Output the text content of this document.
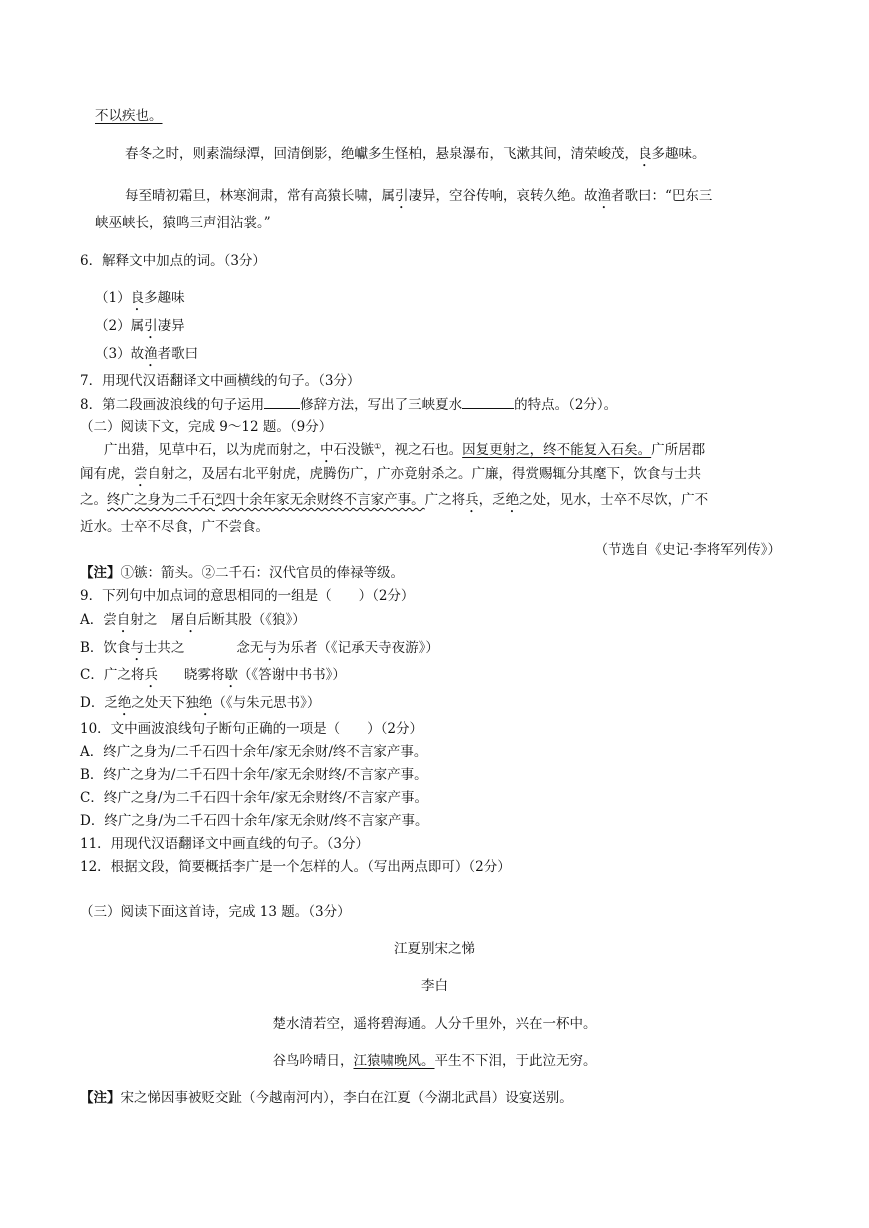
不以疾也。
春冬之时，则素湍绿潭，回清倒影，绝巘多生怪柏，悬泉瀑布，飞漱其间，清荣峻茂，良多趣味。
每至晴初霜旦，林寒涧肃，常有高猿长啸，属引凄异，空谷传响，哀转久绝。故渔者歌曰：“巴东三
峡巫峡长，猿鸣三声泪沾裳。”
6．解释文中加点的词。（3分）
（1）良多趣味
（2）属引凄异
（3）故渔者歌曰
7．用现代汉语翻译文中画横线的句子。（3分）
8．第二段画波浪线的句子运用	修辞方法，写出了三峡夏水	的特点。（2分）。
（二）阅读下文，完成 9～12 题。（9分）
广出猎，见草中石，以为虎而射之，中石没镞①，视之石也。因复更射之，终不能复入石矣。广所居郡
闻有虎，尝自射之，及居右北平射虎，虎腾伤广，广亦竟射杀之。广廉，得赏赐辄分其麾下，饮食与士共
之。终广之身为二千石②四十余年家无余财终不言家产事。广之将兵，乏绝之处，见水，士卒不尽饮，广不
近水。士卒不尽食，广不尝食。
（节选自《史记·李将军列传》）
【注】①镞：箭头。②二千石：汉代官员的俸禄等级。
9．下列句中加点词的意思相同的一组是（　　）（2分）
A．尝自射之　屠自后断其股（《狼》）
B．饮食与士共之	念无与为乐者（《记承天寺夜游》）
C．广之将兵 晓雾将歇（《答谢中书书》）
D．乏绝之处天下独绝（《与朱元思书》）
10．文中画波浪线句子断句正确的一项是（　　）（2分）
A．终广之身为/二千石四十余年/家无余财/终不言家产事。
B．终广之身为/二千石四十余年/家无余财终/不言家产事。
C．终广之身/为二千石四十余年/家无余财终/不言家产事。
D．终广之身/为二千石四十余年/家无余财/终不言家产事。
11．用现代汉语翻译文中画直线的句子。（3分）
12．根据文段，简要概括李广是一个怎样的人。（写出两点即可）（2分）
（三）阅读下面这首诗，完成 13 题。（3分）
江夏别宋之悌
李白
楚水清若空，遥将碧海通。人分千里外，兴在一杯中。
谷鸟吟晴日，江猿啸晚风。平生不下泪，于此泣无穷。
【注】宋之悌因事被贬交趾（今越南河内），李白在江夏（今湖北武昌）设宴送别。
